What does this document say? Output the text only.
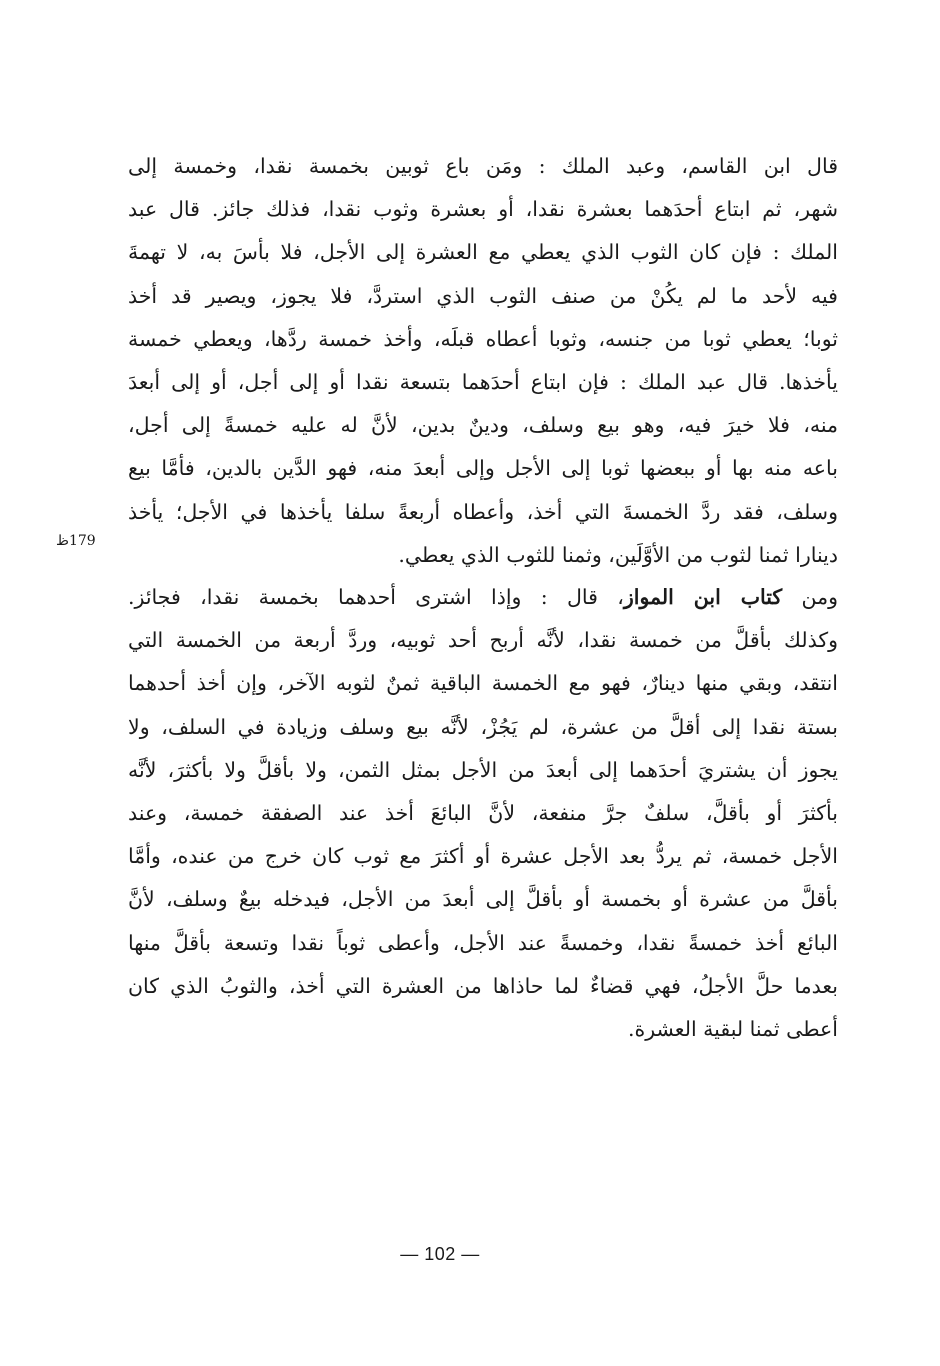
قال ابن القاسم، وعبد الملك : ومَن باع ثوبين بخمسة نقدا، وخمسة إلى
شهر، ثم ابتاع أحدَهما بعشرة نقدا، أو بعشرة وثوب نقدا، فذلك جائز. قال عبد
الملك : فإن كان الثوب الذي يعطي مع العشرة إلى الأجل، فلا بأسَ به، لا تهمةَ
فيه لأحد ما لم يكُنْ من صنف الثوب الذي استردَّ، فلا يجوز، ويصير قد أخذ
ثوبا؛ يعطي ثوبا من جنسه، وثوبا أعطاه قبلَه، وأخذ خمسة ردَّها، ويعطي خمسة
يأخذها. قال عبد الملك : فإن ابتاع أحدَهما بتسعة نقدا أو إلى أجل، أو إلى أبعدَ
منه، فلا خيرَ فيه، وهو بيع وسلف، ودينٌ بدين، لأنَّ له عليه خمسةً إلى أجل،
باعه منه بها أو ببعضها ثوبا إلى الأجل وإلى أبعدَ منه، فهو الدَّين بالدين، فأمَّا بيع
وسلف، فقد ردَّ الخمسةَ التي أخذ، وأعطاه أربعةً سلفا يأخذها في الأجل؛ يأخذ
دينارا ثمنا لثوب من الأوَّلَين، وثمنا للثوب الذي يعطي.
179ظ
ومن كتاب ابن المواز، قال : وإذا اشترى أحدهما بخمسة نقدا، فجائز.
وكذلك بأقلَّ من خمسة نقدا، لأنَّه أربح أحد ثوبيه، وردَّ أربعة من الخمسة التي
انتقد، وبقي منها دينارٌ، فهو مع الخمسة الباقية ثمنٌ لثوبه الآخر، وإن أخذ أحدهما
بستة نقدا إلى أقلَّ من عشرة، لم يَجُزْ، لأنَّه بيع وسلف وزيادة في السلف، ولا
يجوز أن يشتريَ أحدَهما إلى أبعدَ من الأجل بمثل الثمن، ولا بأقلَّ ولا بأكثرَ، لأنَّه
بأكثرَ أو بأقلَّ، سلفٌ جرَّ منفعة، لأنَّ البائعَ أخذ عند الصفقة خمسة، وعند
الأجل خمسة، ثم يردُّ بعد الأجل عشرة أو أكثرَ مع ثوب كان خرج من عنده، وأمَّا
بأقلَّ من عشرة أو بخمسة أو بأقلَّ إلى أبعدَ من الأجل، فيدخله بيعٌ وسلف، لأنَّ
البائع أخذ خمسةً نقدا، وخمسةً عند الأجل، وأعطى ثوباً نقدا وتسعة بأقلَّ منها
بعدما حلَّ الأجلُ، فهي قضاءٌ لما حاذاها من العشرة التي أخذ، والثوبُ الذي كان
أعطى ثمنا لبقية العشرة.
— 102 —
